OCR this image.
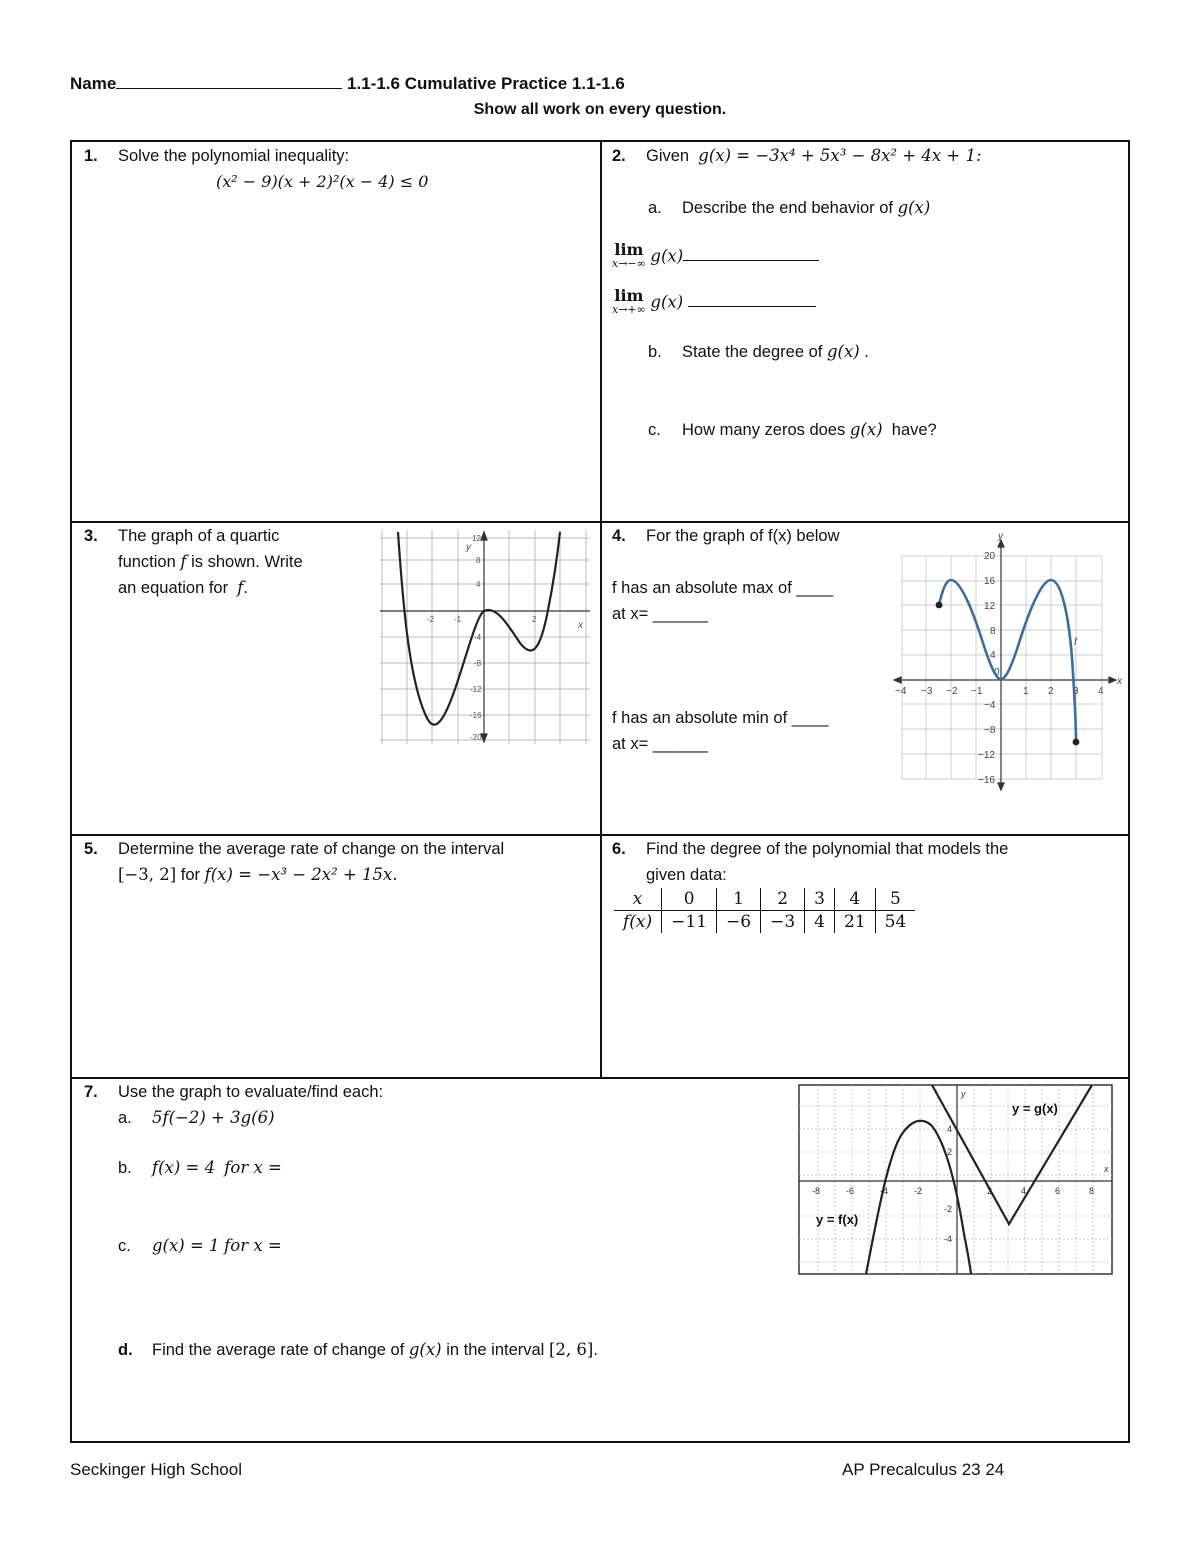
Name	1.1-1.6 Cumulative Practice 1.1-1.6
Show all work on every question.
1. Solve the polynomial inequality:
(x² − 9)(x + 2)²(x − 4) ≤ 0
2. Given g(x) = −3x⁴ + 5x³ − 8x² + 4x + 1:
a. Describe the end behavior of g(x)
lim
x→−∞ g(x)
lim
x→+∞ g(x)
b. State the degree of g(x) .
c. How many zeros does g(x) have?
3. The graph of a quartic
function f is shown. Write
an equation for f.
y
x
-2 -1	2
12
8
4
-4
-8
-12
-16
-20
4. For the graph of f(x) below
f has an absolute max of ____
at x= ______
f has an absolute min of ____
at x= ______
y
x
f
−4 −3 −2 −1
0
1 2 3 4
20
16
12
8
4
−4
−8
−12
−16
5. Determine the average rate of change on the interval
[−3, 2] for f(x) = −x³ − 2x² + 15x.
6. Find the degree of the polynomial that models the
given data:
x	0	1	2	3	4	5
f(x)	−11	−6	−3	4	21	54
7. Use the graph to evaluate/find each:
a. 5f(−2) + 3g(6)
b. f(x) = 4 for x =
c. g(x) = 1 for x =
d. Find the average rate of change of g(x) in the interval [2, 6].
x
y
-8	-6	-4	-2	2	4	6	8
4
2
-2
-4
y = g(x)
y = f(x)
Seckinger High School	AP Precalculus 23 24
